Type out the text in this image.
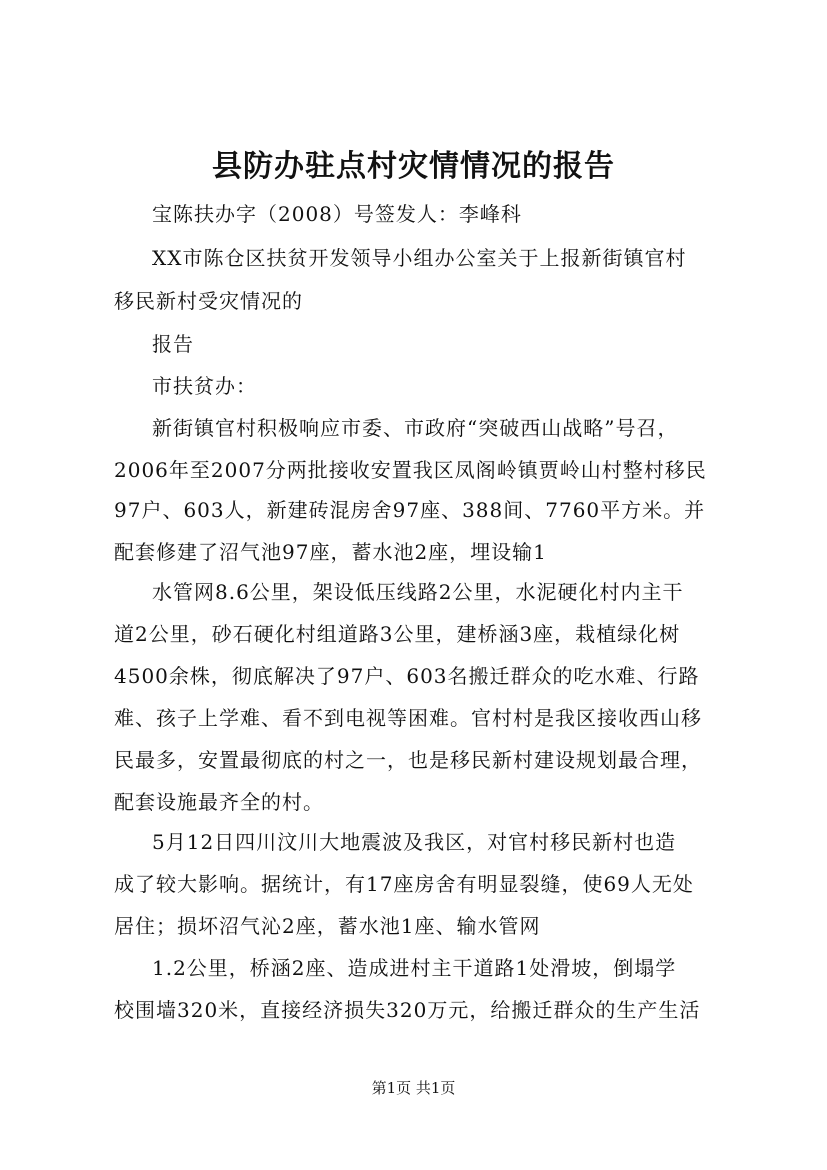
县防办驻点村灾情情况的报告
宝陈扶办字（2008）号签发人：李峰科
XX市陈仓区扶贫开发领导小组办公室关于上报新街镇官村
移民新村受灾情况的
报告
市扶贫办：
新街镇官村积极响应市委、市政府“突破西山战略”号召，
2006年至2007分两批接收安置我区凤阁岭镇贾岭山村整村移民
97户、603人，新建砖混房舍97座、388间、7760平方米。并
配套修建了沼气池97座，蓄水池2座，埋设输1
水管网8.6公里，架设低压线路2公里，水泥硬化村内主干
道2公里，砂石硬化村组道路3公里，建桥涵3座，栽植绿化树
4500余株，彻底解决了97户、603名搬迁群众的吃水难、行路
难、孩子上学难、看不到电视等困难。官村村是我区接收西山移
民最多，安置最彻底的村之一，也是移民新村建设规划最合理，
配套设施最齐全的村。
5月12日四川汶川大地震波及我区，对官村移民新村也造
成了较大影响。据统计，有17座房舍有明显裂缝，使69人无处
居住；损坏沼气沁2座，蓄水池1座、输水管网
1.2公里，桥涵2座、造成进村主干道路1处滑坡，倒塌学
校围墙320米，直接经济损失320万元，给搬迁群众的生产生活
第1页 共1页
